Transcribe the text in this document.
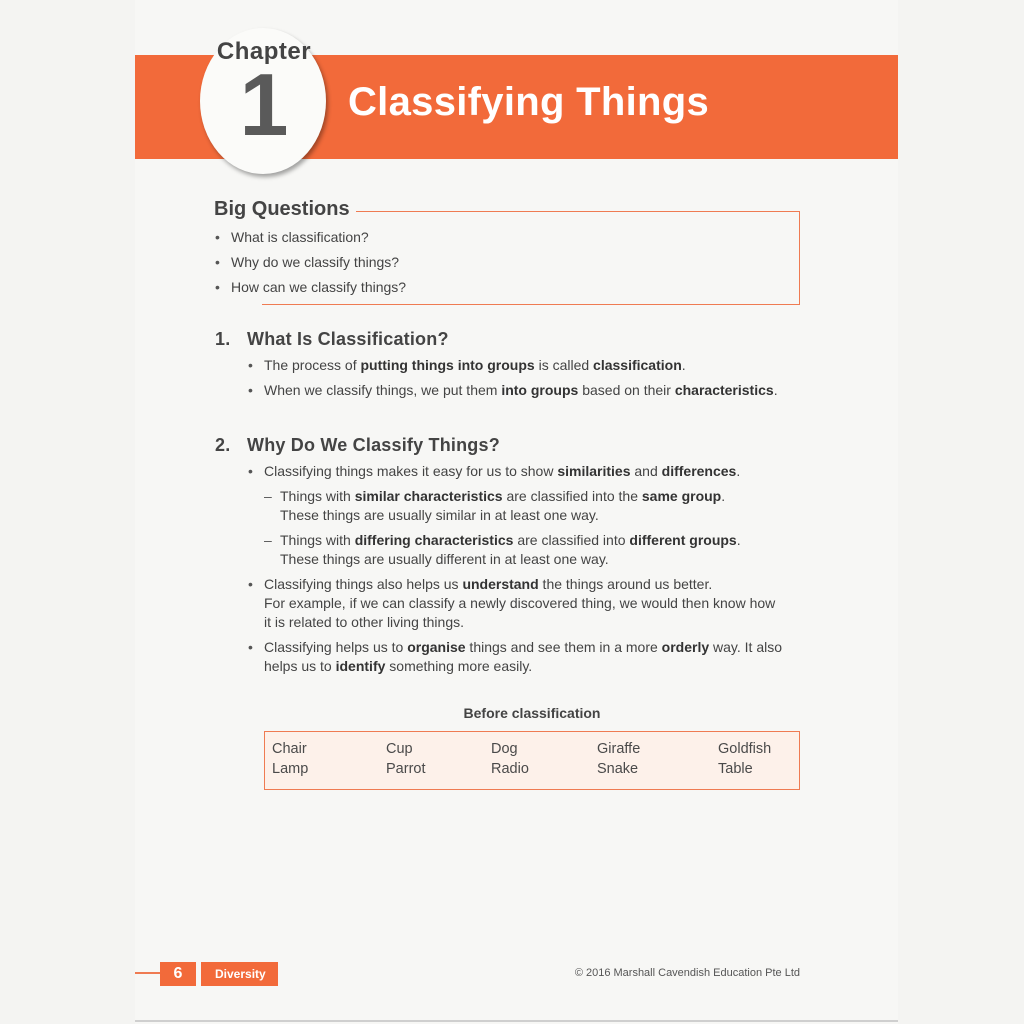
Chapter
1	Classifying Things
Big Questions
• What is classification?
• Why do we classify things?
• How can we classify things?
1. What Is Classification?
• The process of putting things into groups is called classification.
• When we classify things, we put them into groups based on their characteristics.
2. Why Do We Classify Things?
• Classifying things makes it easy for us to show similarities and differences.
– Things with similar characteristics are classified into the same group.
These things are usually similar in at least one way.
– Things with differing characteristics are classified into different groups.
These things are usually different in at least one way.
• Classifying things also helps us understand the things around us better.
For example, if we can classify a newly discovered thing, we would then know how
it is related to other living things.
• Classifying helps us to organise things and see them in a more orderly way. It also
helps us to identify something more easily.
Before classification
Chair	Cup	Dog	Giraffe	Goldfish
Lamp	Parrot	Radio	Snake	Table
6	Diversity	© 2016 Marshall Cavendish Education Pte Ltd
